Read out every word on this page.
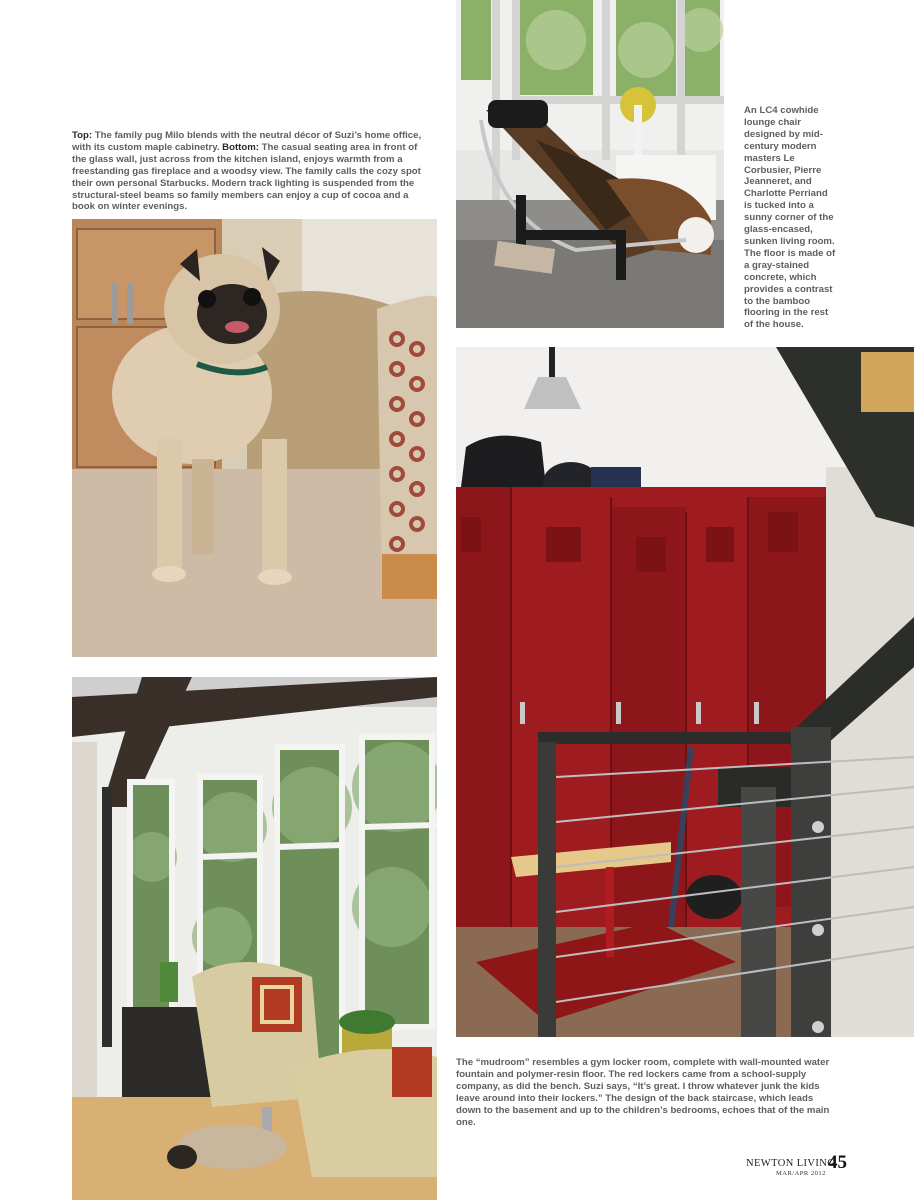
Top: The family pug Milo blends with the neutral décor of Suzi’s home office, with its custom maple cabinetry. Bottom: The casual seating area in front of the glass wall, just across from the kitchen island, enjoys warmth from a freestanding gas fireplace and a woodsy view. The family calls the cozy spot their own personal Starbucks. Modern track lighting is suspended from the structural-steel beams so family members can enjoy a cup of cocoa and a book on winter evenings.
An LC4 cowhide lounge chair designed by mid-century modern masters Le Corbusier, Pierre Jeanneret, and Charlotte Perriand is tucked into a sunny corner of the glass-encased, sunken living room. The floor is made of a gray-stained concrete, which provides a contrast to the bamboo flooring in the rest of the house.
The “mudroom” resembles a gym locker room, complete with wall-mounted water fountain and polymer-resin floor. The red lockers came from a school-supply company, as did the bench. Suzi says, “It’s great. I throw whatever junk the kids leave around into their lockers.” The design of the back staircase, which leads down to the basement and up to the children’s bedrooms, echoes that of the main one.
NEWTON LIVING
MAR/APR 2012
45
